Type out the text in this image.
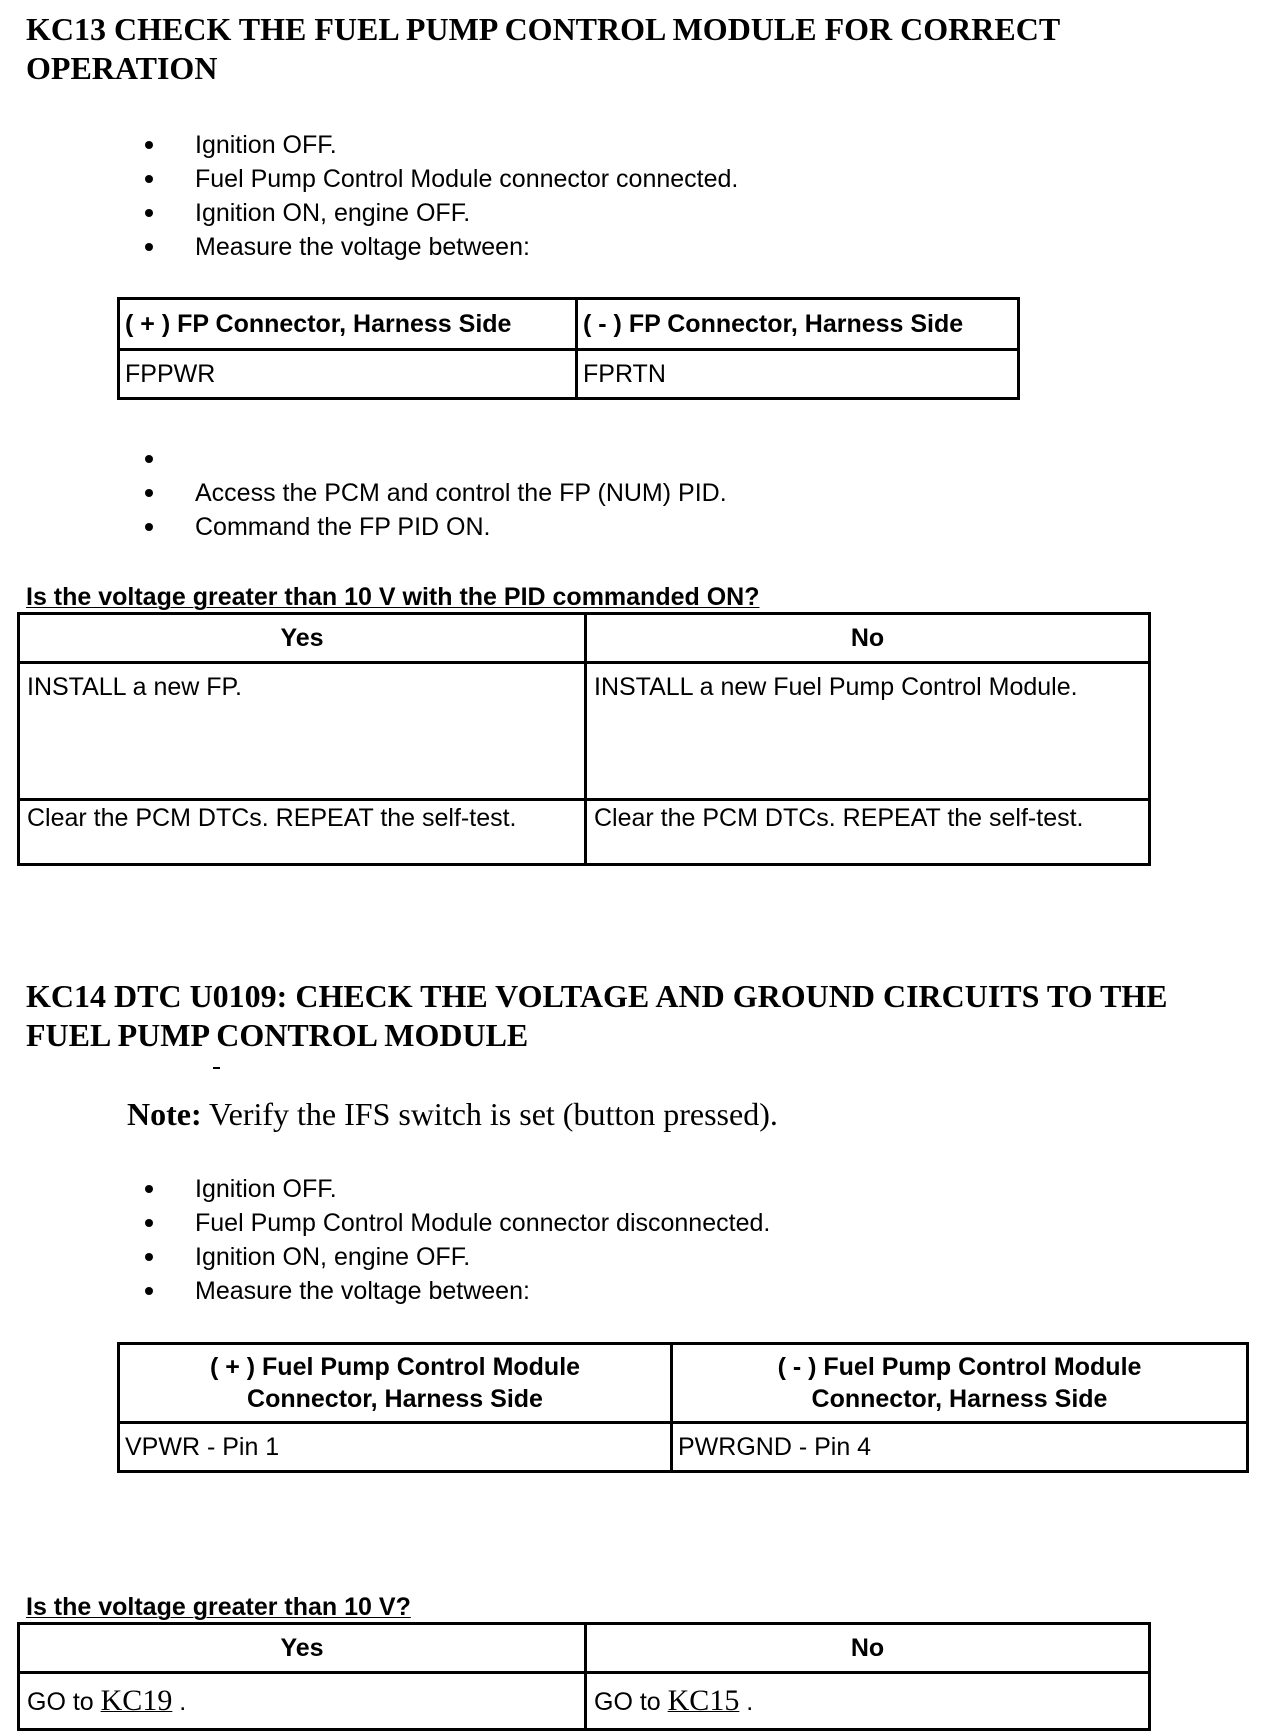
KC13 CHECK THE FUEL PUMP CONTROL MODULE FOR CORRECT OPERATION
Ignition OFF.
Fuel Pump Control Module connector connected.
Ignition ON, engine OFF.
Measure the voltage between:
( + ) FP Connector, Harness Side	( - ) FP Connector, Harness Side
FPPWR	FPRTN
Access the PCM and control the FP (NUM) PID.
Command the FP PID ON.

Is the voltage greater than 10 V with the PID commanded ON?

Yes	No
INSTALL a new FP.	INSTALL a new Fuel Pump Control Module.
Clear the PCM DTCs. REPEAT the self-test.	Clear the PCM DTCs. REPEAT the self-test.
KC14 DTC U0109: CHECK THE VOLTAGE AND GROUND CIRCUITS TO THE FUEL PUMP CONTROL MODULE

Note: Verify the IFS switch is set (button pressed).

Ignition OFF.
Fuel Pump Control Module connector disconnected.
Ignition ON, engine OFF.
Measure the voltage between:
( + ) Fuel Pump Control Module Connector, Harness Side	( - ) Fuel Pump Control Module Connector, Harness Side
VPWR - Pin 1	PWRGND - Pin 4

Is the voltage greater than 10 V?

Yes	No
GO to KC19 .	GO to KC15 .
